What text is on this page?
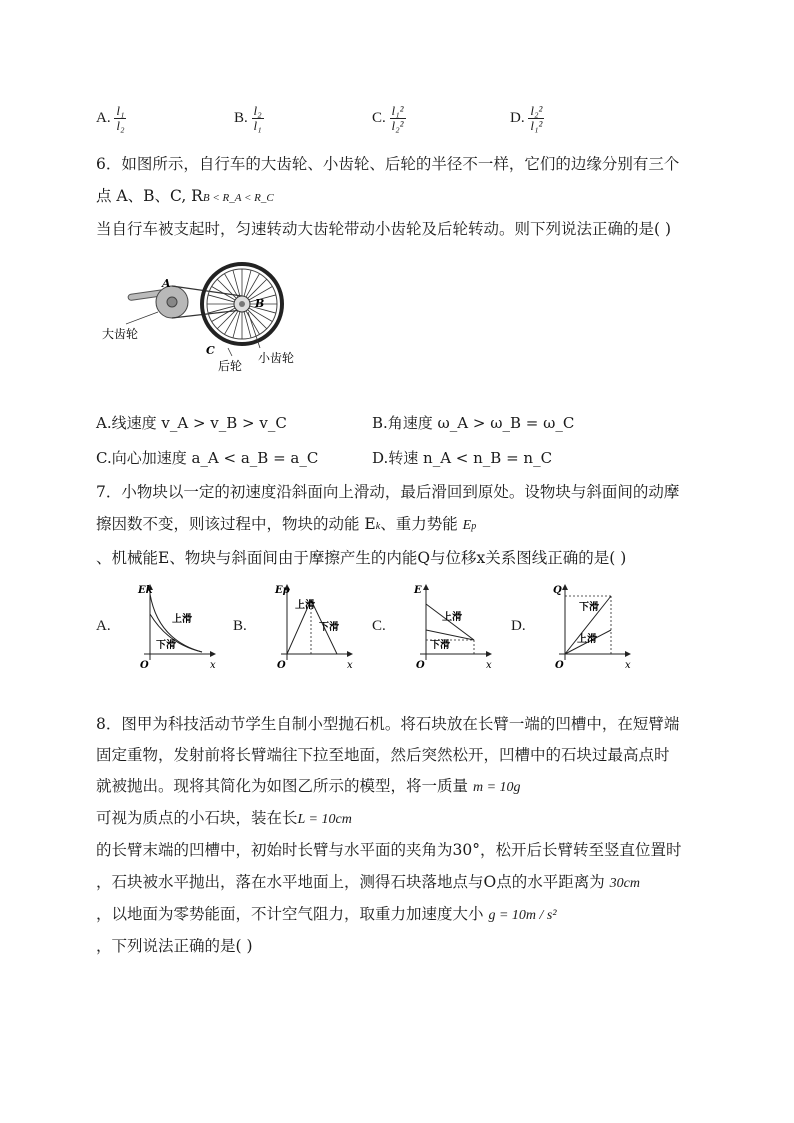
A. $\frac{\text{l₁}}{\text{l₂}}$	B. $\frac{\text{l₂}}{\text{l₁}}$	C. $\frac{\text{l₁²}}{\text{l₂²}}$	D. $\frac{\text{l₂²}}{\text{l₁²}}$
6．如图所示，自行车的大齿轮、小齿轮、后轮的半径不一样，它们的边缘分别有三个
点 A、B、C, RB < R_A < R_C
当自行车被支起时，匀速转动大齿轮带动小齿轮及后轮转动。则下列说法正确的是( )
A
B
C
大齿轮
后轮
小齿轮
A.线速度 v_A > v_B > v_C	B.角速度 ω_A > ω_B = ω_C
C.向心加速度 a_A < a_B = a_C	D.转速 n_A < n_B = n_C
7．小物块以一定的初速度沿斜面向上滑动，最后滑回到原处。设物块与斜面间的动摩
擦因数不变，则该过程中，物块的动能 Ek、重力势能 Ep
、机械能E、物块与斜面间由于摩擦产生的内能Q与位移x关系图线正确的是( )
A.
Ek
O	x
上滑
下滑
B.
Ep
O	x
上滑
下滑 C.
E
O	x
上滑
下滑
D.
Q
O	x
上滑
下滑
8．图甲为科技活动节学生自制小型抛石机。将石块放在长臂一端的凹槽中，在短臂端
固定重物，发射前将长臂端往下拉至地面，然后突然松开，凹槽中的石块过最高点时
就被抛出。现将其简化为如图乙所示的模型，将一质量 m = 10g
可视为质点的小石块，装在长L = 10cm
的长臂末端的凹槽中，初始时长臂与水平面的夹角为30°，松开后长臂转至竖直位置时
，石块被水平抛出，落在水平地面上，测得石块落地点与O点的水平距离为 30cm
，以地面为零势能面，不计空气阻力，取重力加速度大小 g = 10m / s²
，下列说法正确的是( )
